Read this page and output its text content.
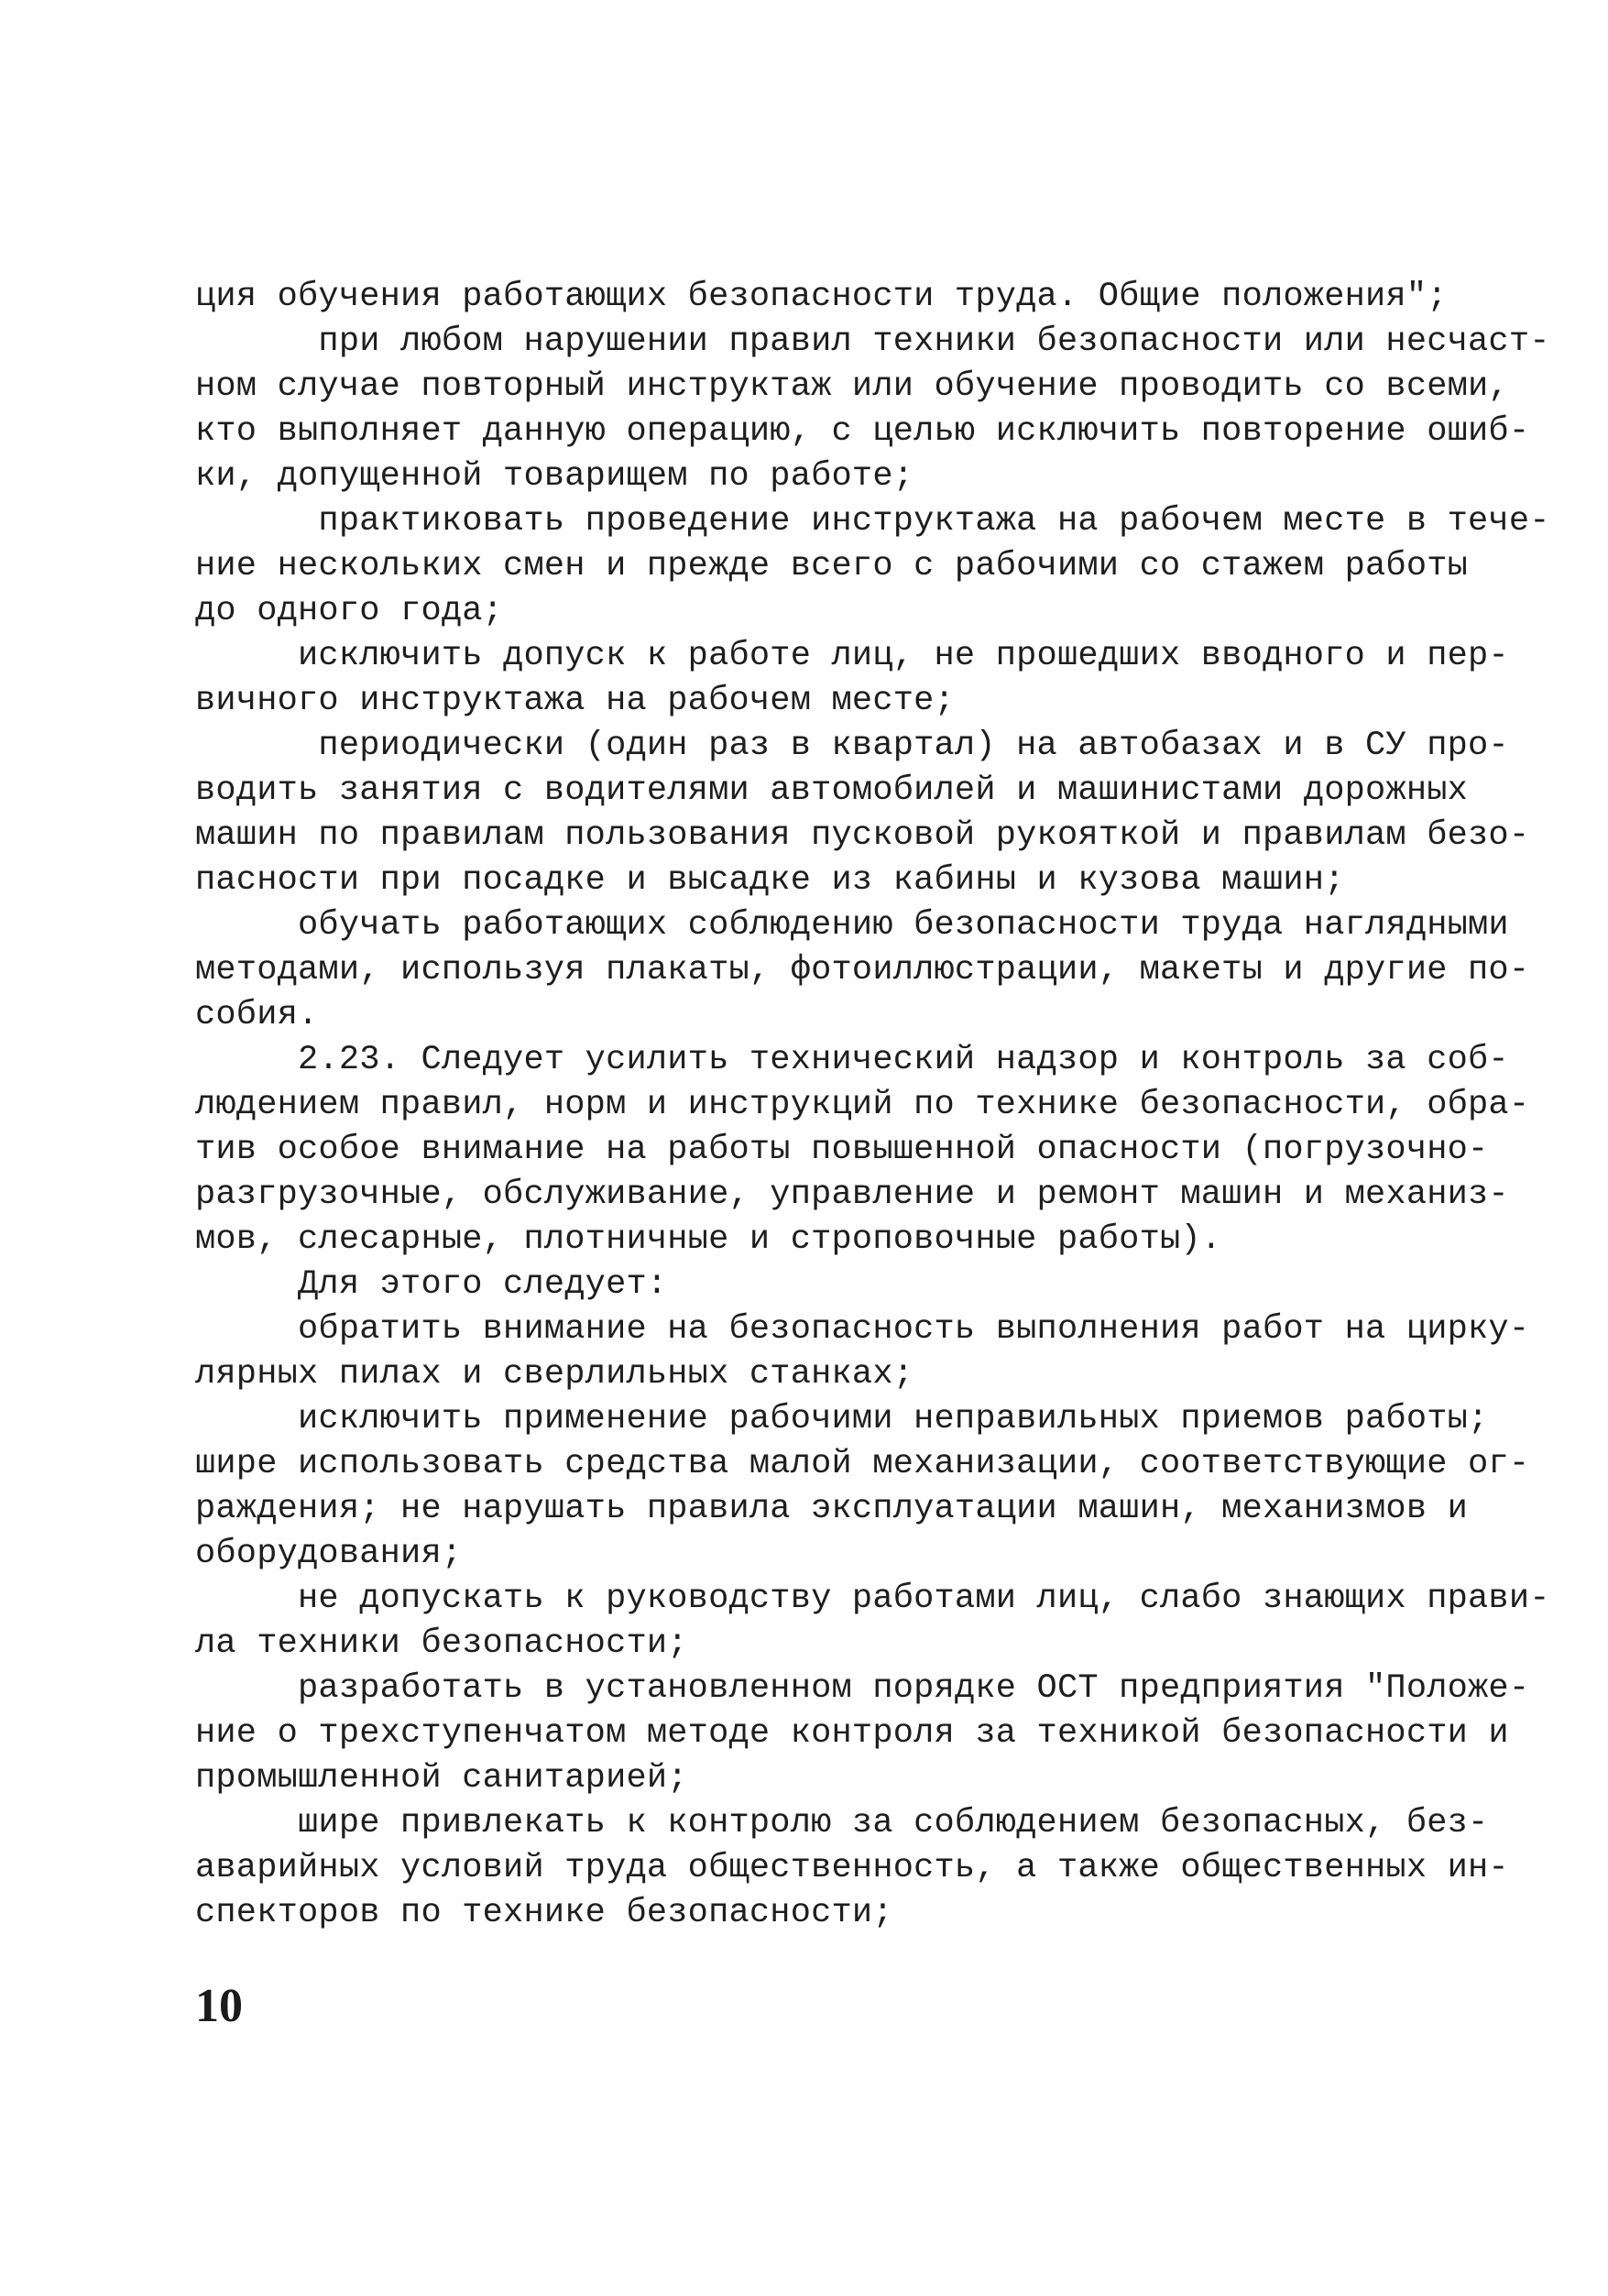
ция обучения работающих безопасности труда. Общие положения";
при любом нарушении правил техники безопасности или несчаст-
ном случае повторный инструктаж или обучение проводить со всеми,
кто выполняет данную операцию, с целью исключить повторение ошиб-
ки, допущенной товарищем по работе;
практиковать проведение инструктажа на рабочем месте в тече-
ние нескольких смен и прежде всего с рабочими со стажем работы
до одного года;
исключить допуск к работе лиц, не прошедших вводного и пер-
вичного инструктажа на рабочем месте;
периодически (один раз в квартал) на автобазах и в СУ про-
водить занятия с водителями автомобилей и машинистами дорожных
машин по правилам пользования пусковой рукояткой и правилам безо-
пасности при посадке и высадке из кабины и кузова машин;
обучать работающих соблюдению безопасности труда наглядными
методами, используя плакаты, фотоиллюстрации, макеты и другие по-
собия.
2.23. Следует усилить технический надзор и контроль за соб-
людением правил, норм и инструкций по технике безопасности, обра-
тив особое внимание на работы повышенной опасности (погрузочно-
разгрузочные, обслуживание, управление и ремонт машин и механиз-
мов, слесарные, плотничные и строповочные работы).
Для этого следует:
обратить внимание на безопасность выполнения работ на цирку-
лярных пилах и сверлильных станках;
исключить применение рабочими неправильных приемов работы;
шире использовать средства малой механизации, соответствующие ог-
раждения; не нарушать правила эксплуатации машин, механизмов и
оборудования;
не допускать к руководству работами лиц, слабо знающих прави-
ла техники безопасности;
разработать в установленном порядке ОСТ предприятия "Положе-
ние о трехступенчатом методе контроля за техникой безопасности и
промышленной санитарией;
шире привлекать к контролю за соблюдением безопасных, без-
аварийных условий труда общественность, а также общественных ин-
спекторов по технике безопасности;
10
